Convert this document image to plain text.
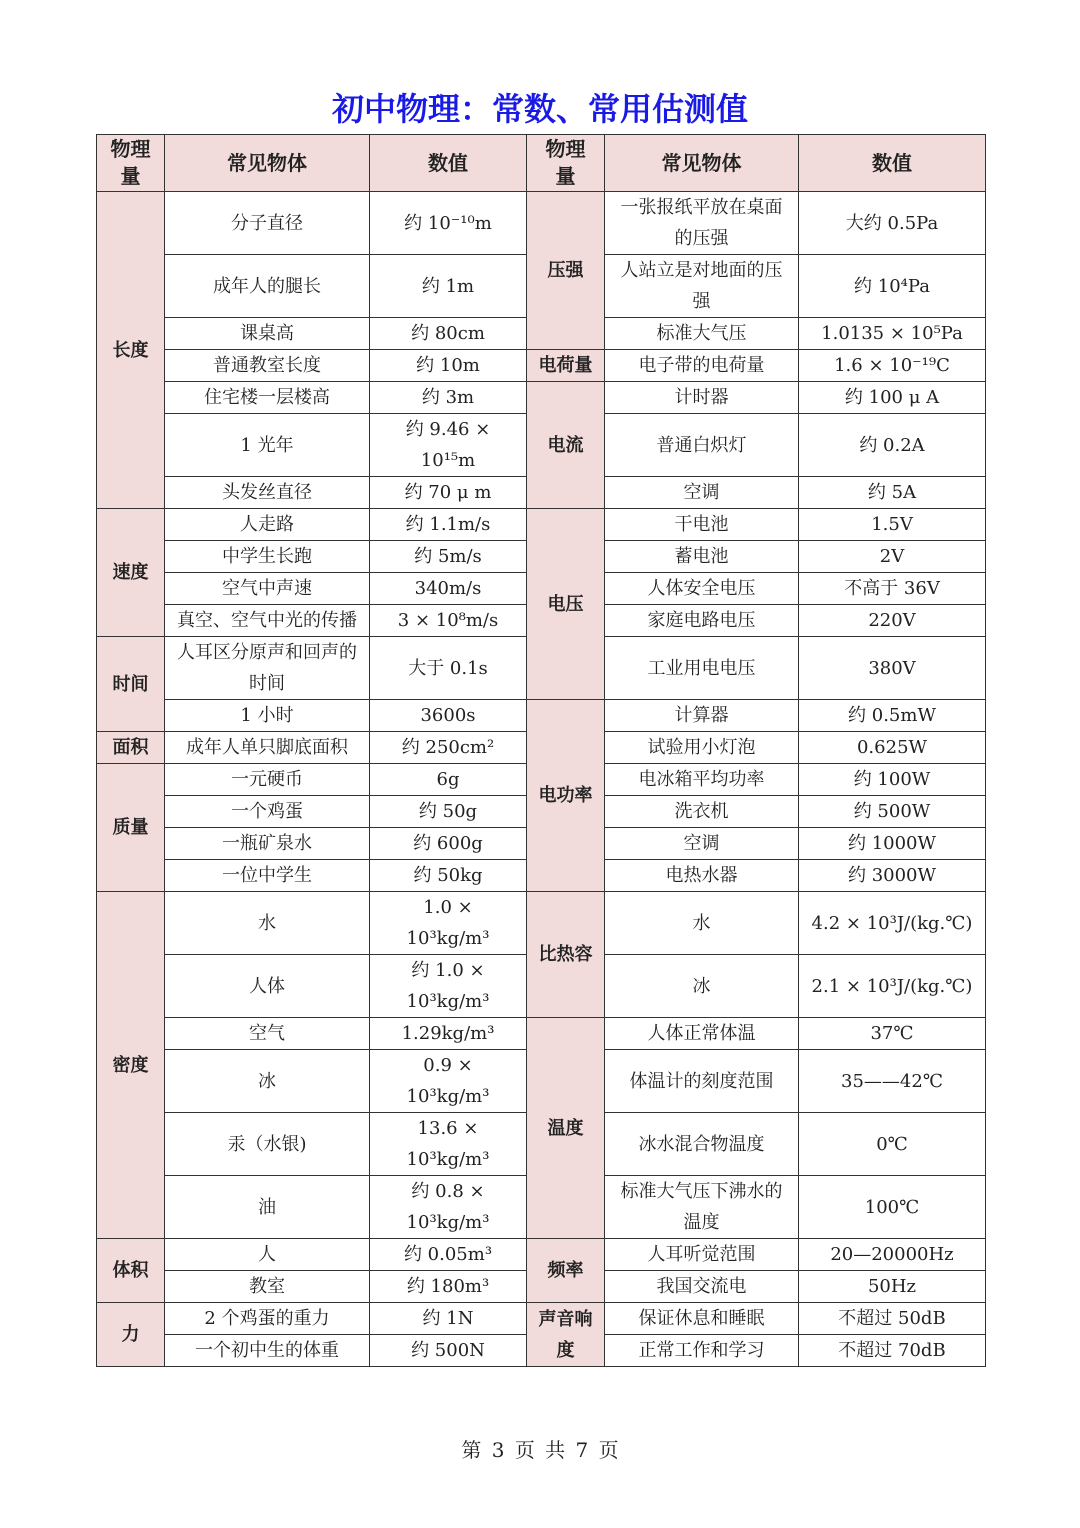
初中物理：常数、常用估测值
物理量	常见物体	数值	物理量	常见物体	数值
长度	分子直径	约 10⁻¹⁰m	压强	一张报纸平放在桌面的压强	大约 0.5Pa
	成年人的腿长	约 1m		人站立是对地面的压强	约 10⁴Pa
	课桌高	约 80cm		标准大气压	1.0135 × 10⁵Pa
	普通教室长度	约 10m	电荷量	电子带的电荷量	1.6 × 10⁻¹⁹C
	住宅楼一层楼高	约 3m	电流	计时器	约 100 μ A
	1 光年	约 9.46 × 10¹⁵m		普通白炽灯	约 0.2A
	头发丝直径	约 70 μ m		空调	约 5A
速度	人走路	约 1.1m/s	电压	干电池	1.5V
	中学生长跑	约 5m/s		蓄电池	2V
	空气中声速	340m/s		人体安全电压	不高于 36V
	真空、空气中光的传播	3 × 10⁸m/s		家庭电路电压	220V
时间	人耳区分原声和回声的时间	大于 0.1s		工业用电电压	380V
	1 小时	3600s	电功率	计算器	约 0.5mW
面积	成年人单只脚底面积	约 250cm²		试验用小灯泡	0.625W
质量	一元硬币	6g		电冰箱平均功率	约 100W
	一个鸡蛋	约 50g		洗衣机	约 500W
	一瓶矿泉水	约 600g		空调	约 1000W
	一位中学生	约 50kg		电热水器	约 3000W
密度	水	1.0 × 10³kg/m³	比热容	水	4.2 × 10³J/(kg.℃)
	人体	约 1.0 × 10³kg/m³		冰	2.1 × 10³J/(kg.℃)
	空气	1.29kg/m³	温度	人体正常体温	37℃
	冰	0.9 × 10³kg/m³		体温计的刻度范围	35——42℃
	汞（水银)	13.6 × 10³kg/m³		冰水混合物温度	0℃
	油	约 0.8 × 10³kg/m³		标准大气压下沸水的温度	100℃
体积	人	约 0.05m³	频率	人耳听觉范围	20—20000Hz
	教室	约 180m³		我国交流电	50Hz
力	2 个鸡蛋的重力	约 1N	声音响度	保证休息和睡眠	不超过 50dB
	一个初中生的体重	约 500N		正常工作和学习	不超过 70dB
第 3 页 共 7 页
